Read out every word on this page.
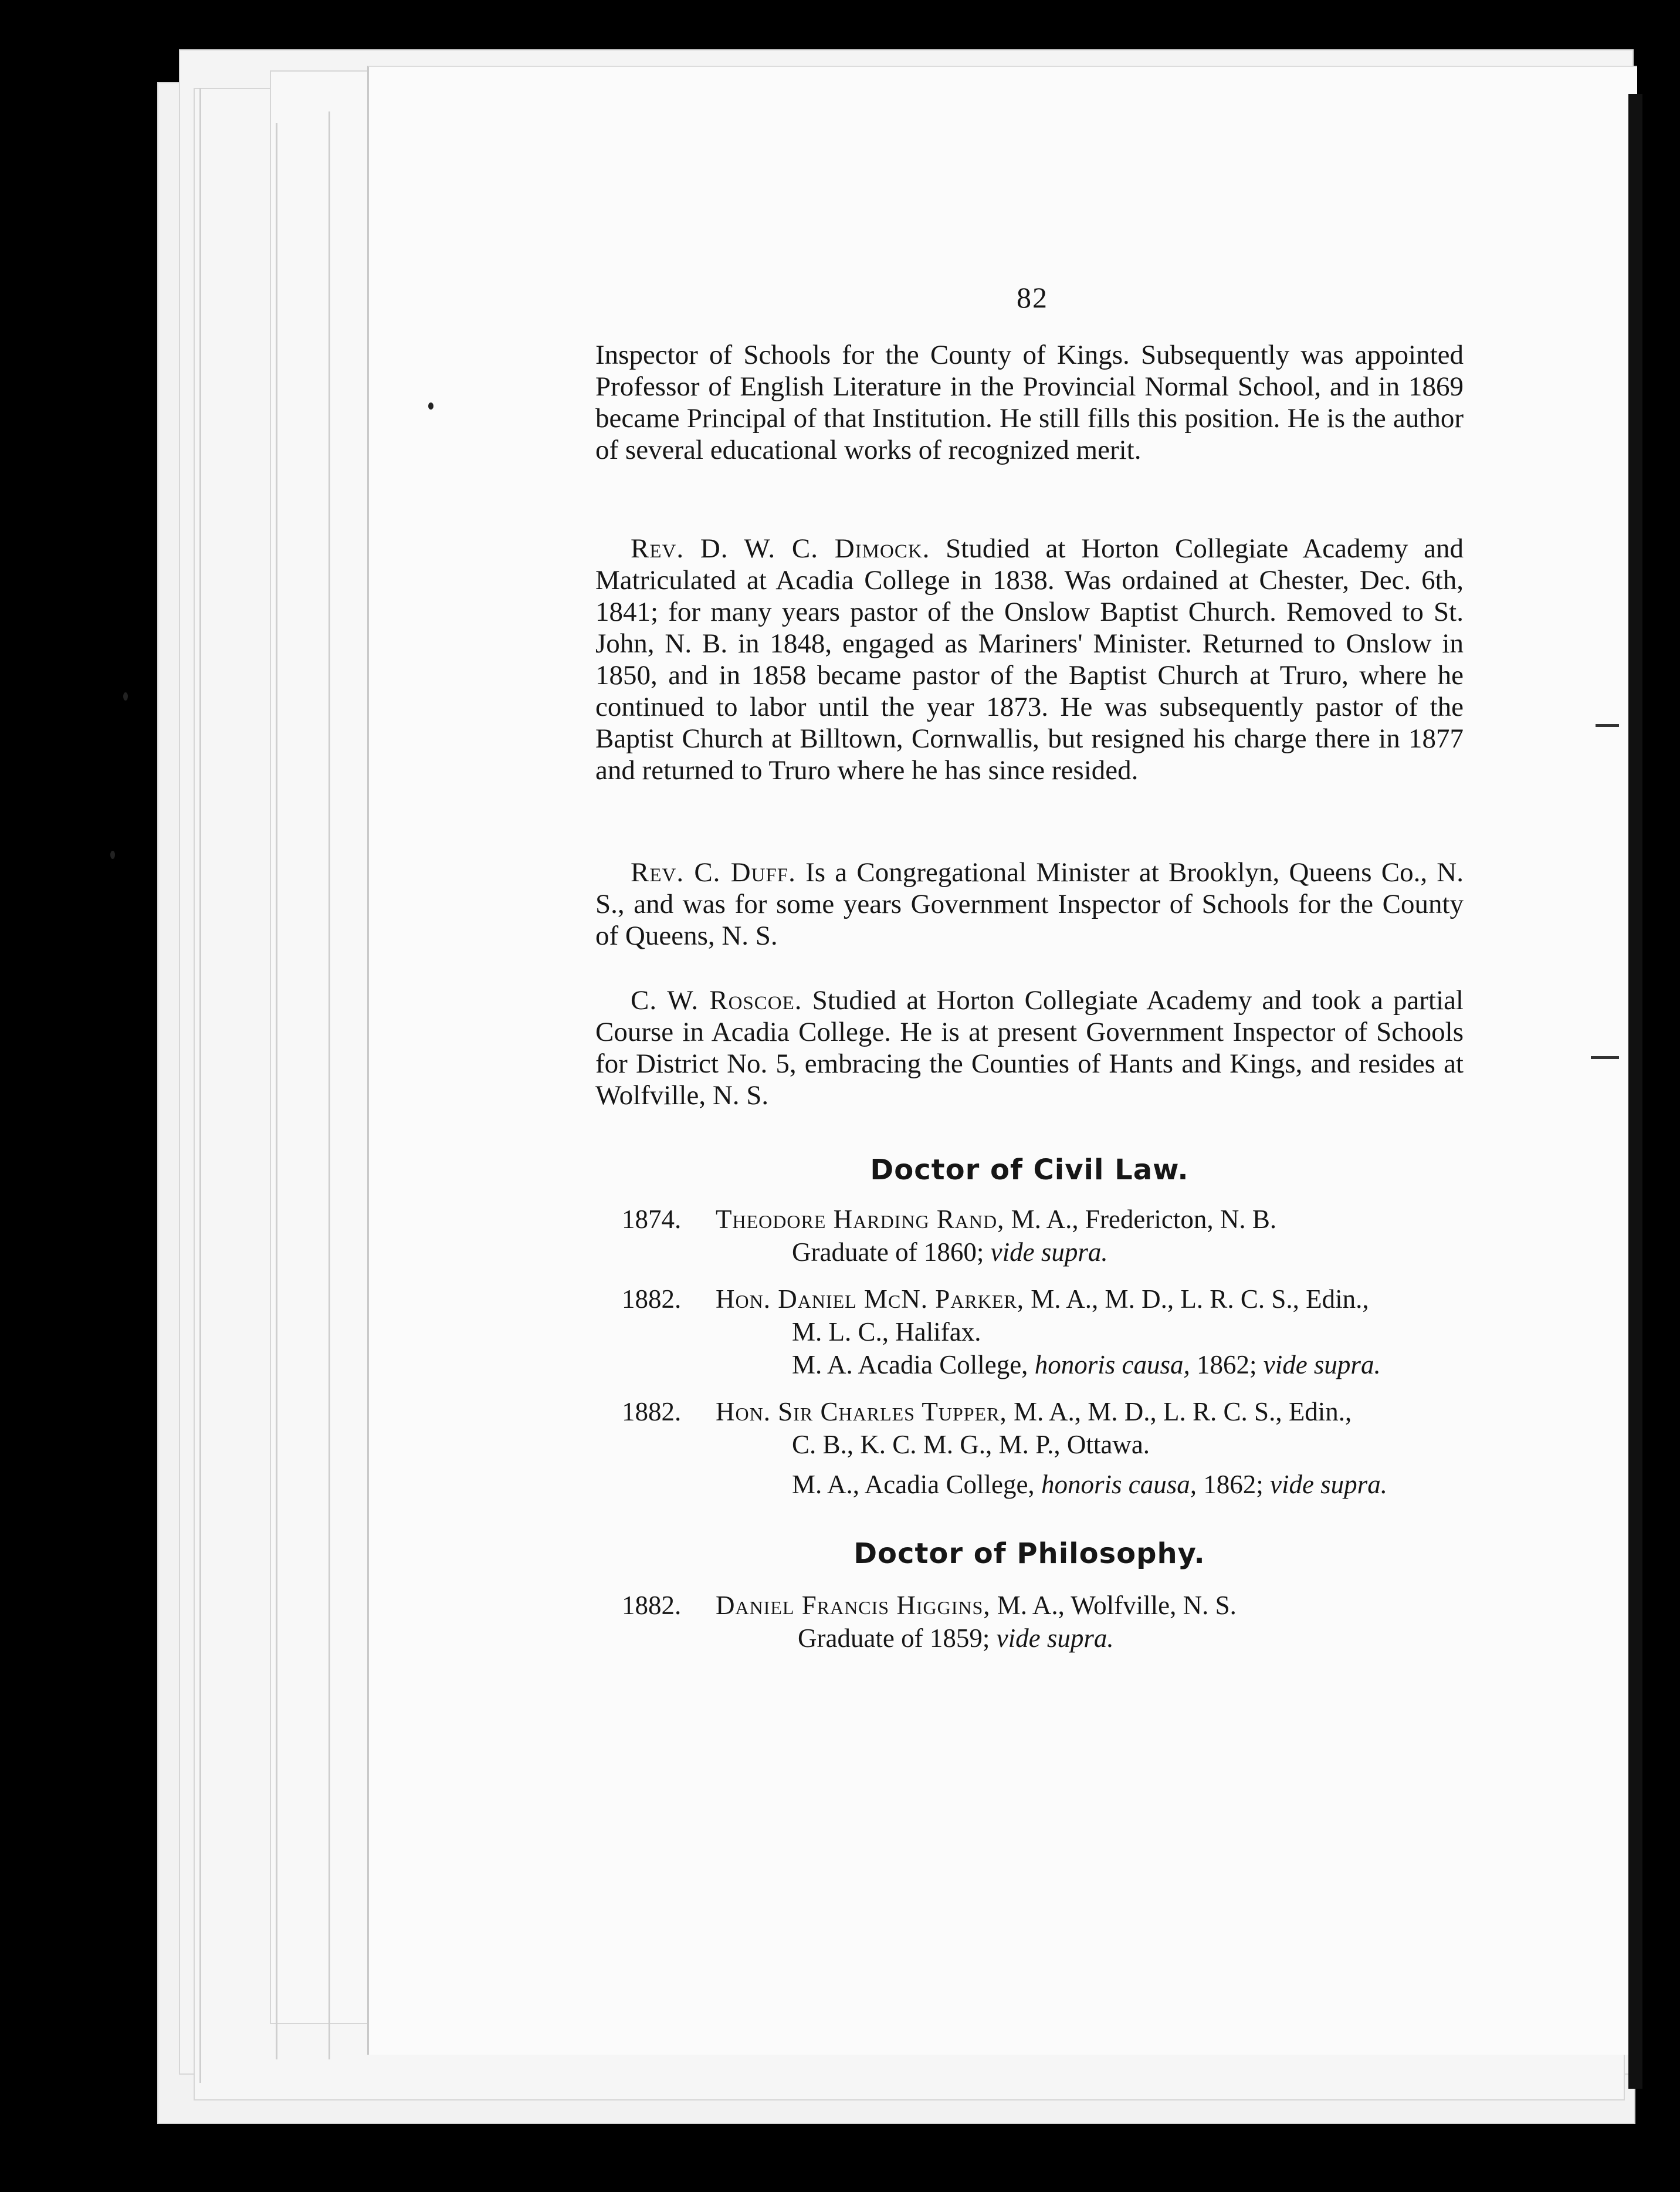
82

Inspector of Schools for the County of Kings. Subsequently was appointed Professor of English Literature in the Provincial Normal School, and in 1869 became Principal of that Institution. He still fills this position. He is the author of several educational works of recognized merit.

Rev. D. W. C. Dimock. Studied at Horton Collegiate Academy and Matriculated at Acadia College in 1838. Was ordained at Chester, Dec. 6th, 1841; for many years pastor of the Onslow Baptist Church. Removed to St. John, N. B. in 1848, engaged as Mariners' Minister. Returned to Onslow in 1850, and in 1858 became pastor of the Baptist Church at Truro, where he continued to labor until the year 1873. He was subsequently pastor of the Baptist Church at Billtown, Cornwallis, but resigned his charge there in 1877 and returned to Truro where he has since resided.

Rev. C. Duff. Is a Congregational Minister at Brooklyn, Queens Co., N. S., and was for some years Government Inspector of Schools for the County of Queens, N. S.

C. W. Roscoe. Studied at Horton Collegiate Academy and took a partial Course in Acadia College. He is at present Government Inspector of Schools for District No. 5, embracing the Counties of Hants and Kings, and resides at Wolfville, N. S.

Doctor of Civil Law.
1874. Theodore Harding Rand, M. A., Fredericton, N. B.
Graduate of 1860; vide supra.
1882. Hon. Daniel McN. Parker, M. A., M. D., L. R. C. S., Edin.,
M. L. C., Halifax.
M. A. Acadia College, honoris causa, 1862; vide supra.
1882. Hon. Sir Charles Tupper, M. A., M. D., L. R. C. S., Edin.,
C. B., K. C. M. G., M. P., Ottawa.
M. A., Acadia College, honoris causa, 1862; vide supra.
Doctor of Philosophy.
1882. Daniel Francis Higgins, M. A., Wolfville, N. S.
Graduate of 1859; vide supra.
